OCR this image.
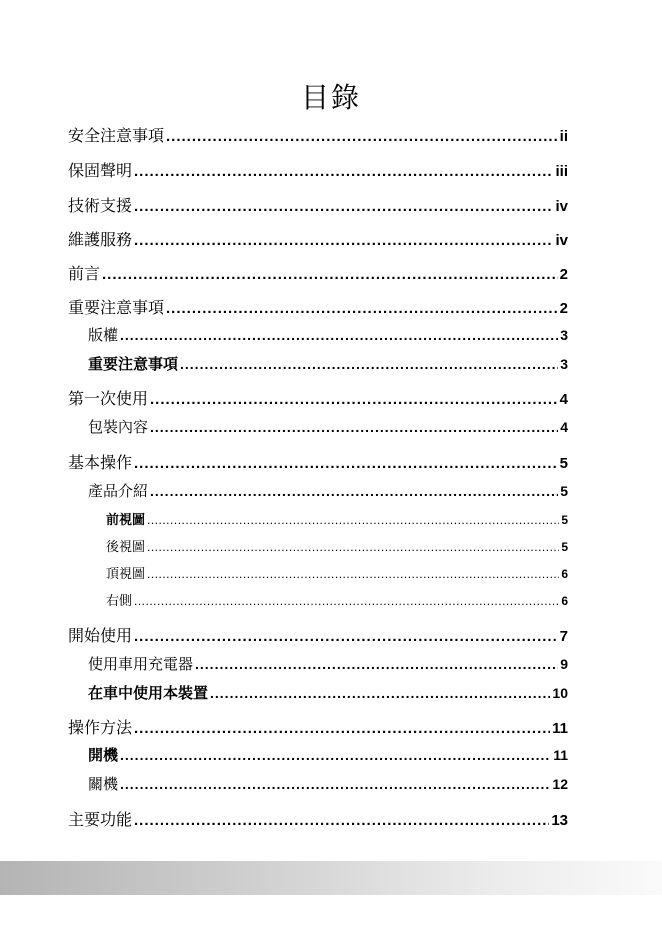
目錄
安全注意事項 .....	ii
保固聲明 .....	iii
技術支援 .....	iv
維護服務 .....	iv
前言 .....	2
重要注意事項 .....	2
版權 .....	3
重要注意事項 .....	3
第一次使用 .....	4
包裝內容 .....	4
基本操作 .....	5
產品介紹 .....	5
前視圖 .....	5
後視圖 .....	5
頂視圖 .....	6
右側 .....	6
開始使用 .....	7
使用車用充電器 .....	9
在車中使用本裝置 .....	10
操作方法 .....	11
開機 .....	11
關機 .....	12
主要功能 .....	13
